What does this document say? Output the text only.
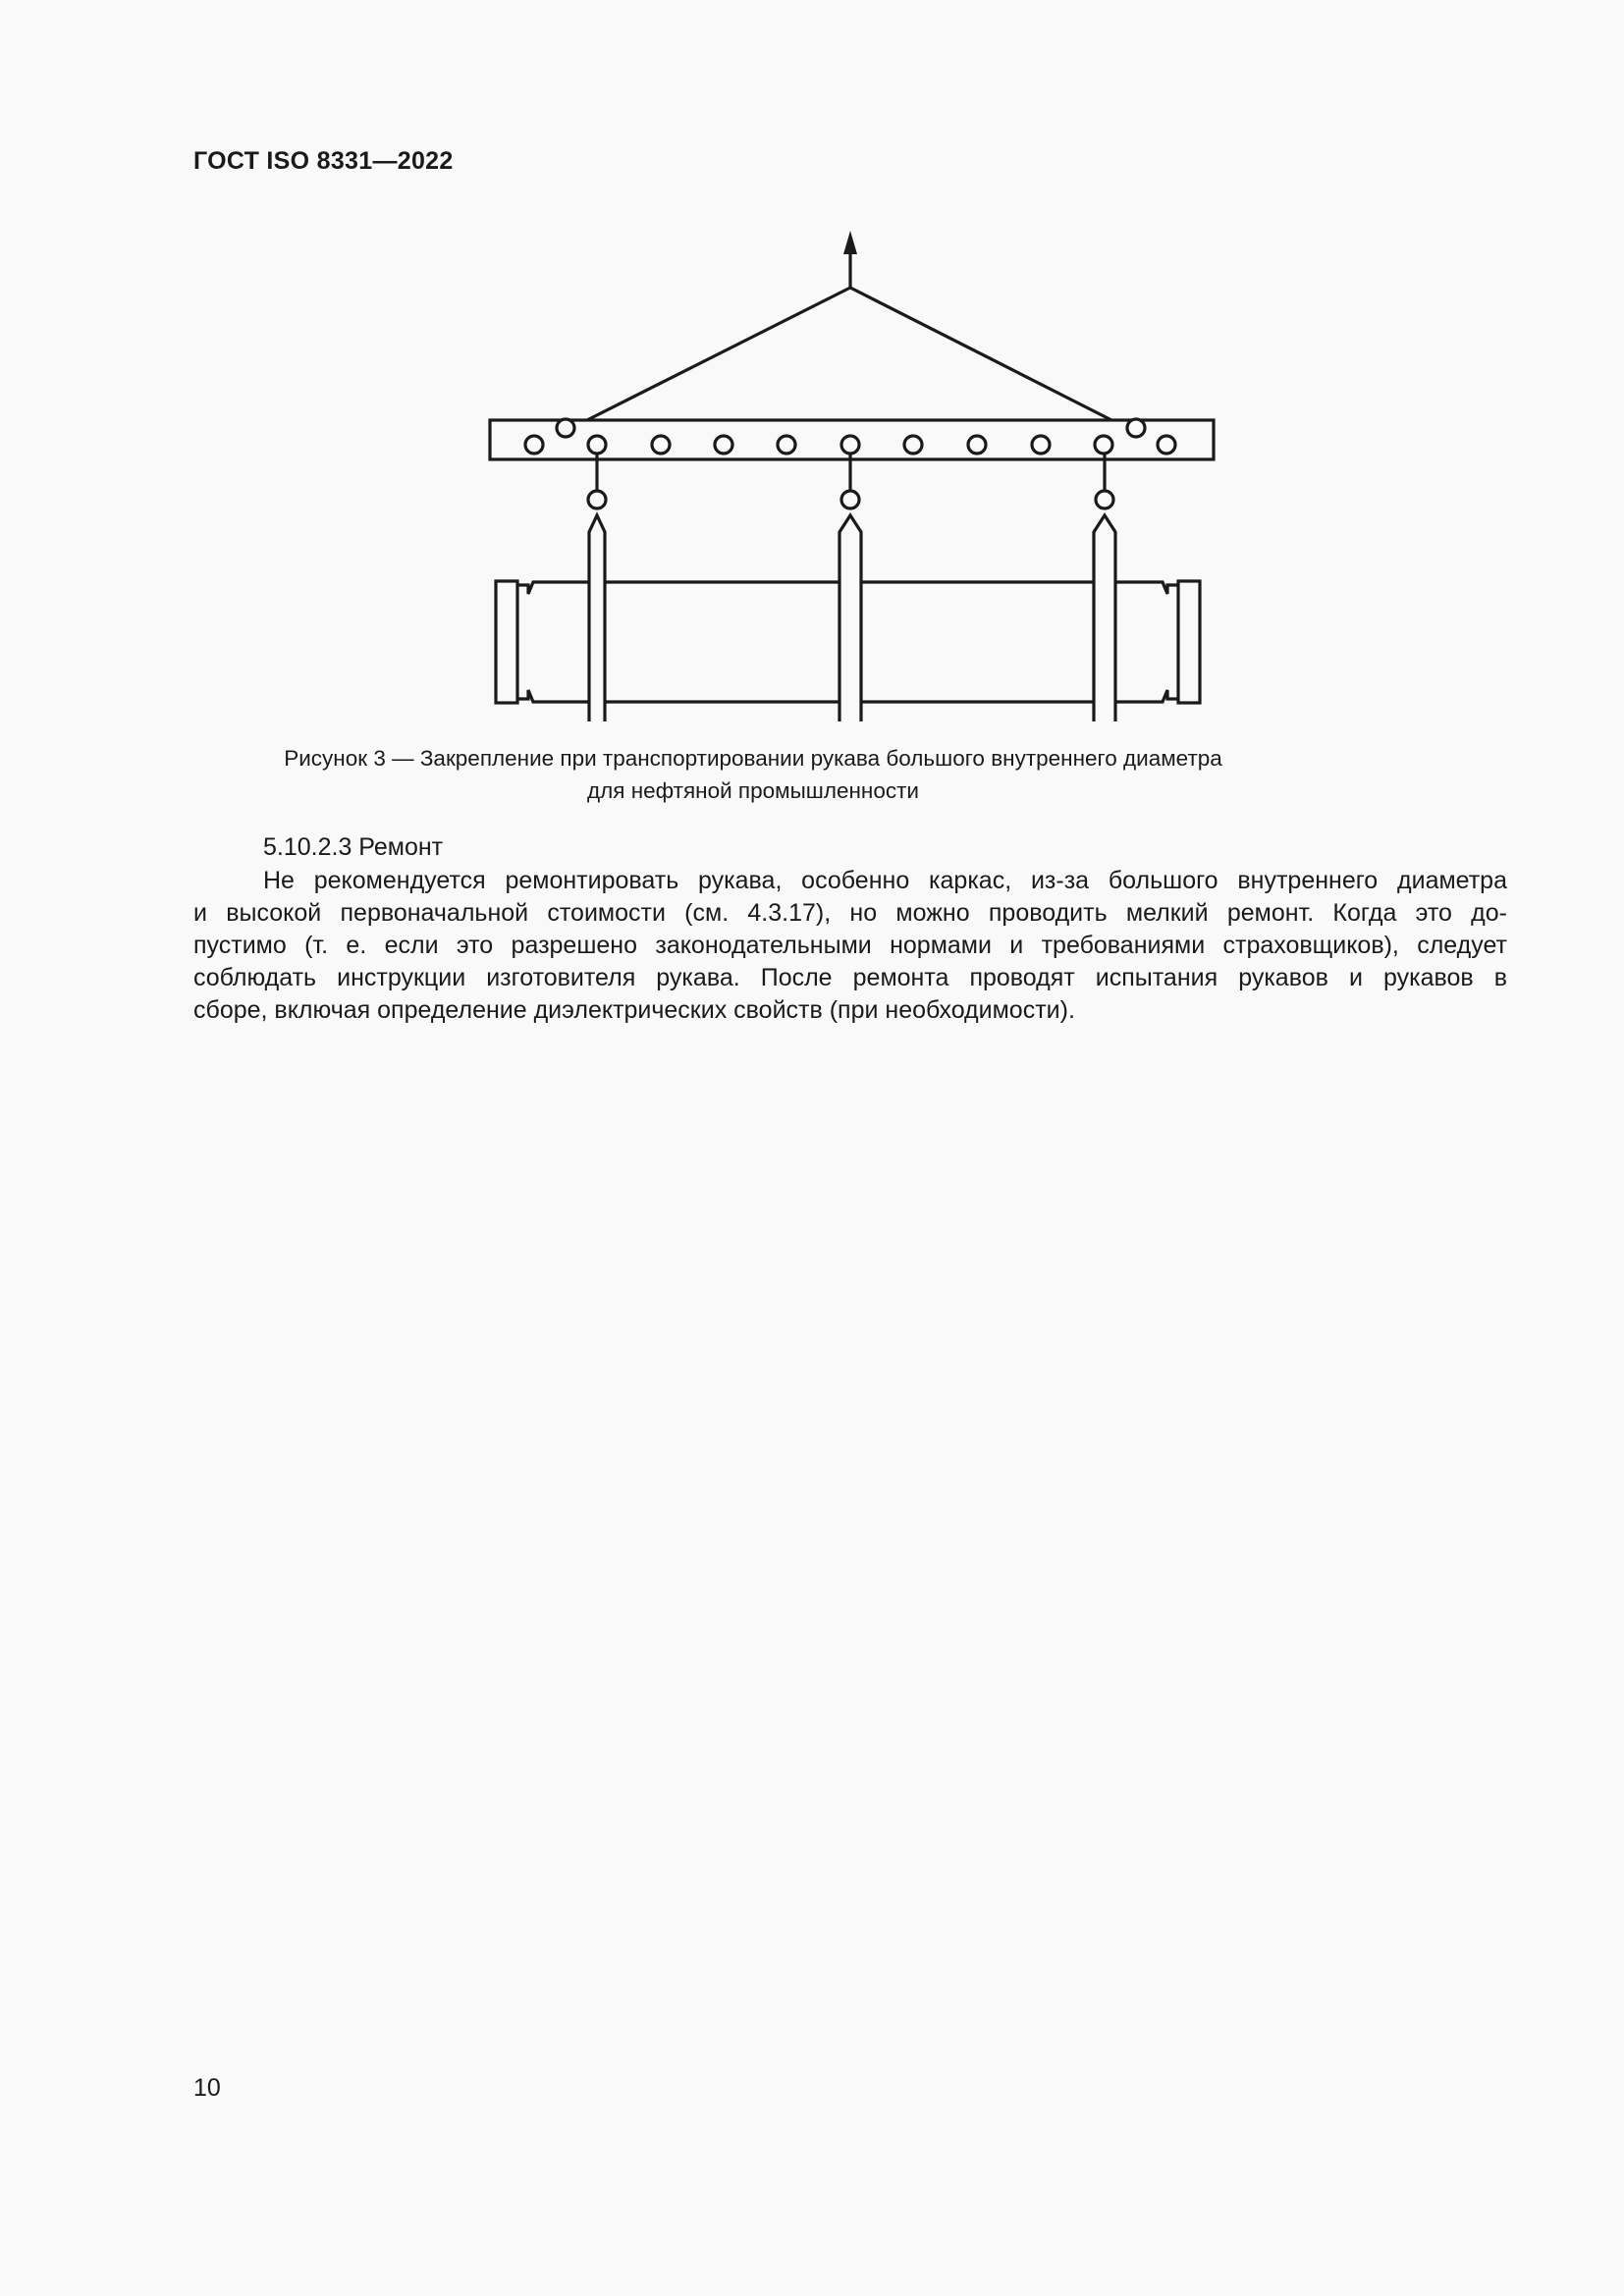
ГОСТ ISO 8331—2022
Рисунок 3 — Закрепление при транспортировании рукава большого внутреннего диаметра
для нефтяной промышленности
5.10.2.3 Ремонт
Не рекомендуется ремонтировать рукава, особенно каркас, из-за большого внутреннего диаметра
и высокой первоначальной стоимости (см. 4.3.17), но можно проводить мелкий ремонт. Когда это до-
пустимо (т. е. если это разрешено законодательными нормами и требованиями страховщиков), следует
соблюдать инструкции изготовителя рукава. После ремонта проводят испытания рукавов и рукавов в
сборе, включая определение диэлектрических свойств (при необходимости).
10
